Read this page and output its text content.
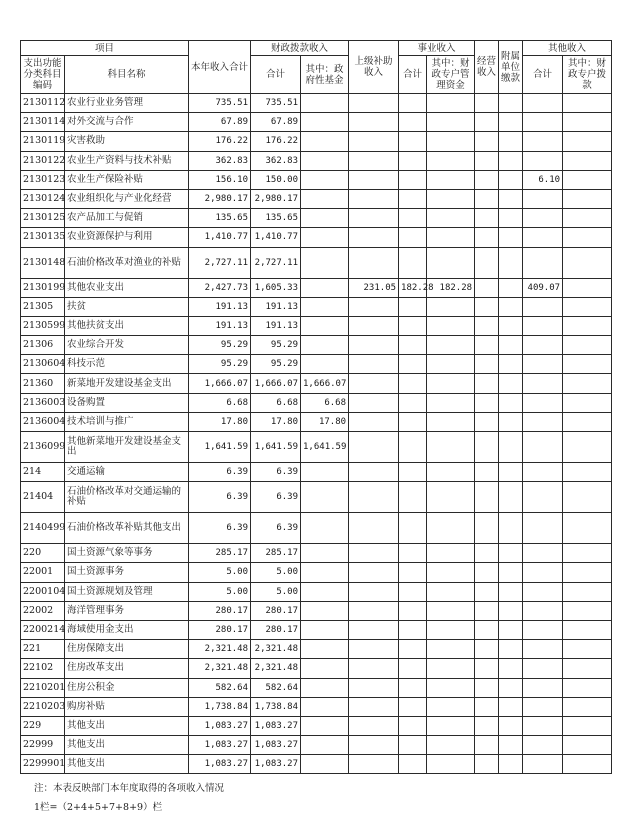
项目		本年收入合计	财政拨款收入		上级补助收入	事业收入		经营收入	附属单位缴款	其他收入	
支出功能分类科目编码	科目名称		合计	其中：政府性基金		合计	其中：财政专户管理资金			合计	其中：财政专户拨款
2130112	农业行业业务管理	735.51	735.51								
2130114	对外交流与合作	67.89	67.89								
2130119	灾害救助	176.22	176.22								
2130122	农业生产资料与技术补贴	362.83	362.83								
2130123	农业生产保险补贴	156.10	150.00							6.10	
2130124	农业组织化与产业化经营	2,980.17	2,980.17								
2130125	农产品加工与促销	135.65	135.65								
2130135	农业资源保护与利用	1,410.77	1,410.77								
2130148	石油价格改革对渔业的补贴	2,727.11	2,727.11								
2130199	其他农业支出	2,427.73	1,605.33		231.05	182.28	182.28			409.07	
21305	扶贫	191.13	191.13								
2130599	其他扶贫支出	191.13	191.13								
21306	农业综合开发	95.29	95.29								
2130604	科技示范	95.29	95.29								
21360	新菜地开发建设基金支出	1,666.07	1,666.07	1,666.07							
2136003	设备购置	6.68	6.68	6.68							
2136004	技术培训与推广	17.80	17.80	17.80							
2136099	其他新菜地开发建设基金支出	1,641.59	1,641.59	1,641.59							
214	交通运输	6.39	6.39								
21404	石油价格改革对交通运输的补贴	6.39	6.39								
2140499	石油价格改革补贴其他支出	6.39	6.39								
220	国土资源气象等事务	285.17	285.17								
22001	国土资源事务	5.00	5.00								
2200104	国土资源规划及管理	5.00	5.00								
22002	海洋管理事务	280.17	280.17								
2200214	海域使用金支出	280.17	280.17								
221	住房保障支出	2,321.48	2,321.48								
22102	住房改革支出	2,321.48	2,321.48								
2210201	住房公积金	582.64	582.64								
2210203	购房补贴	1,738.84	1,738.84								
229	其他支出	1,083.27	1,083.27								
22999	其他支出	1,083.27	1,083.27								
2299901	其他支出	1,083.27	1,083.27								
注：本表反映部门本年度取得的各项收入情况
1栏=（2+4+5+7+8+9）栏
